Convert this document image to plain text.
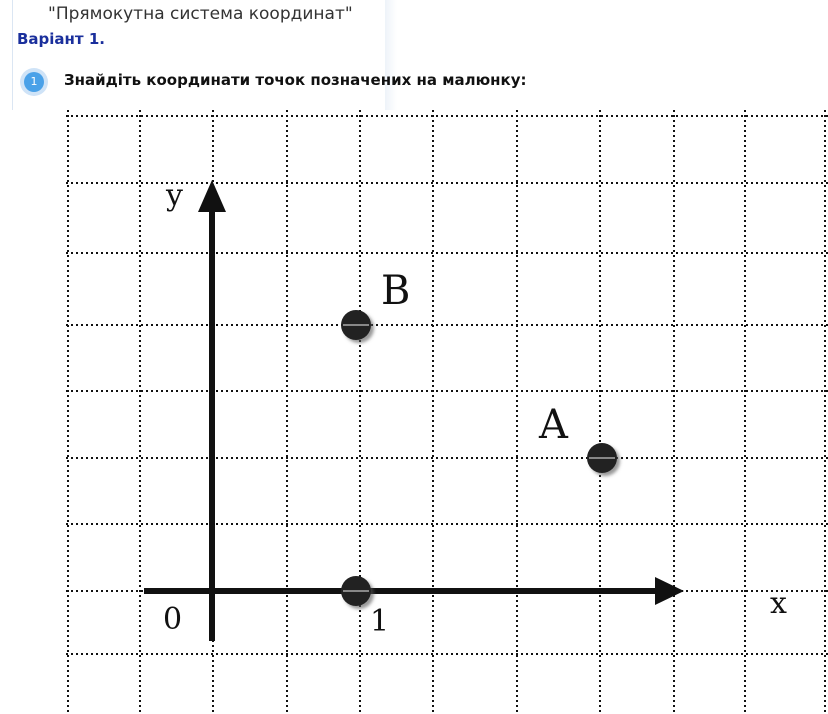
"Прямокутна система координат"
Варіант 1.
1	Знайдіть координати точок позначених на малюнку:
B
A
y
x
0	1
